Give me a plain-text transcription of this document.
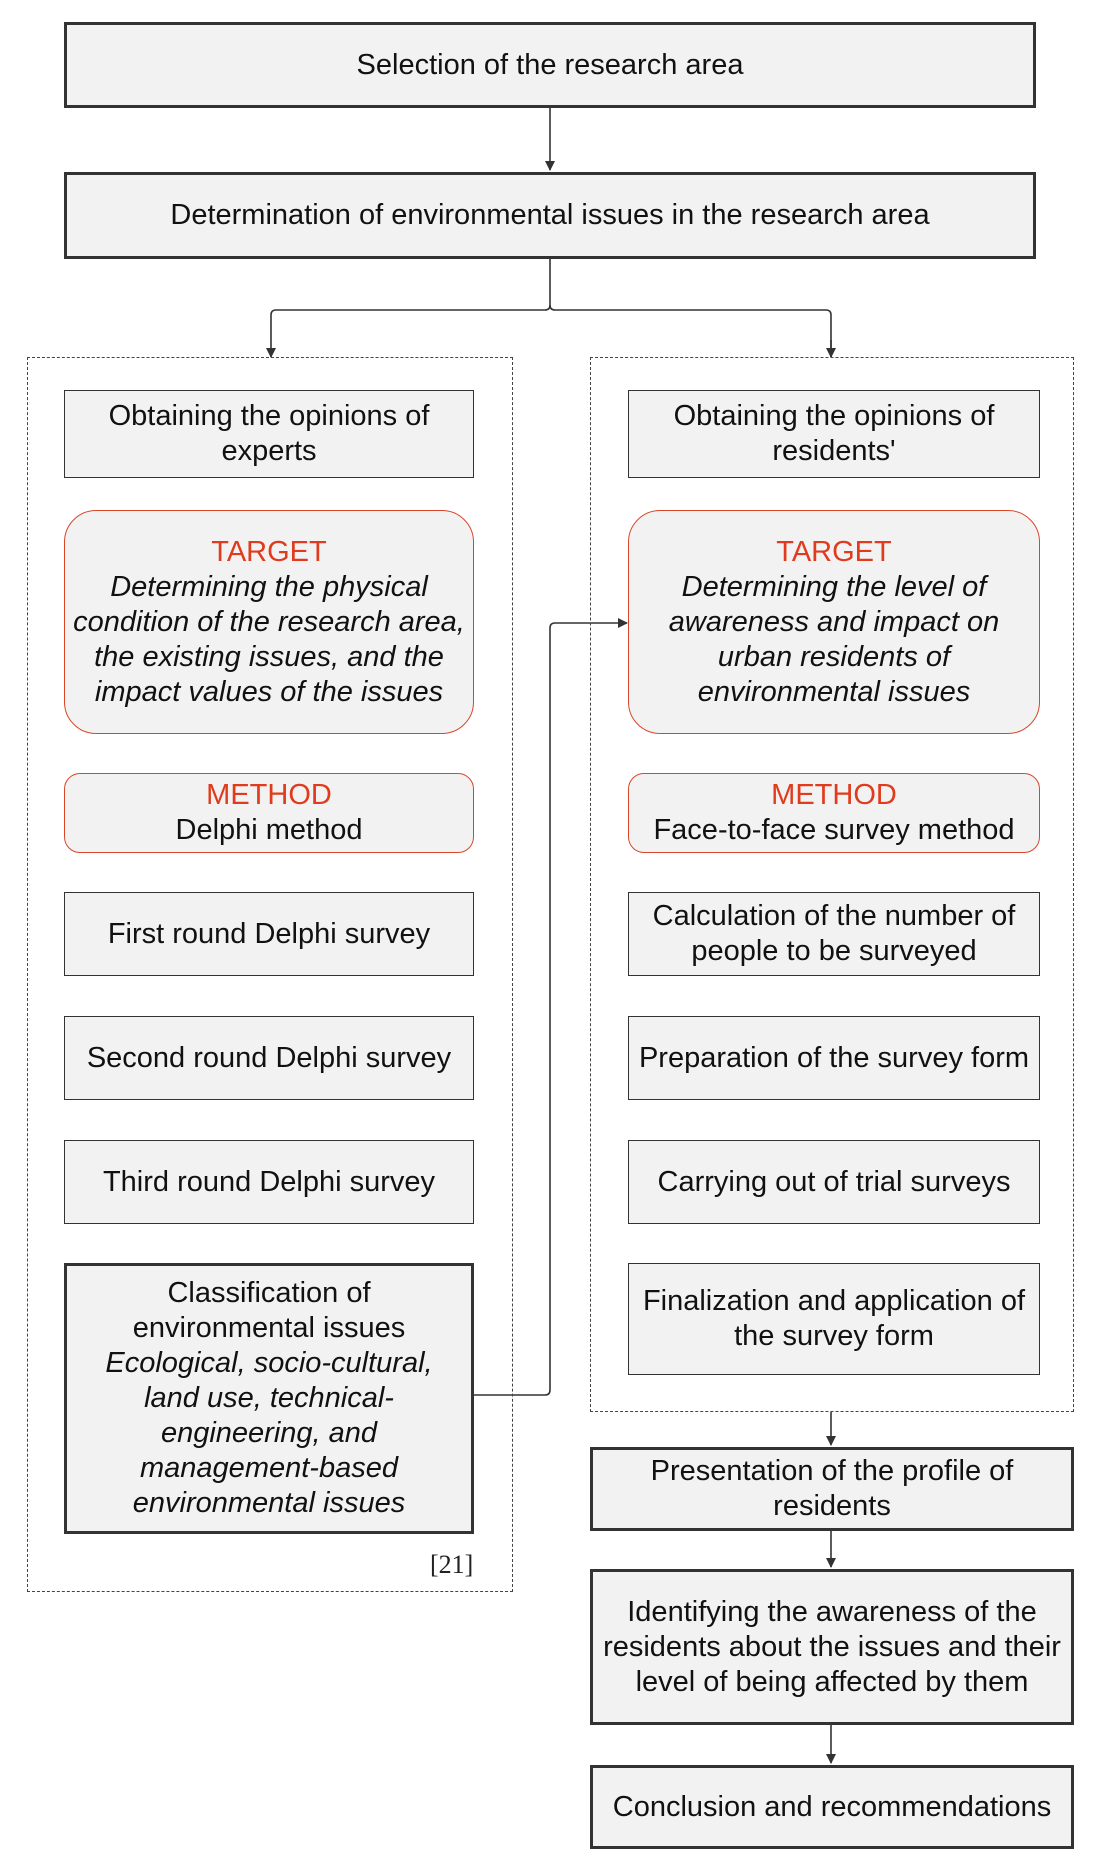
Selection of the research area
Determination of environmental issues in the research area
Obtaining the opinions of experts
TARGET
Determining the physical condition of the research area, the existing issues, and the impact values of the issues
METHOD
Delphi method
First round Delphi survey
Second round Delphi survey
Third round Delphi survey
Classification of environmental issues
Ecological, socio-cultural, land use, technical-engineering, and management-based environmental issues
[21]
Obtaining the opinions of residents'
TARGET
Determining the level of awareness and impact on urban residents of environmental issues
METHOD
Face-to-face survey method
Calculation of the number of people to be surveyed
Preparation of the survey form
Carrying out of trial surveys
Finalization and application of the survey form
Presentation of the profile of residents
Identifying the awareness of the residents about the issues and their level of being affected by them
Conclusion and recommendations
